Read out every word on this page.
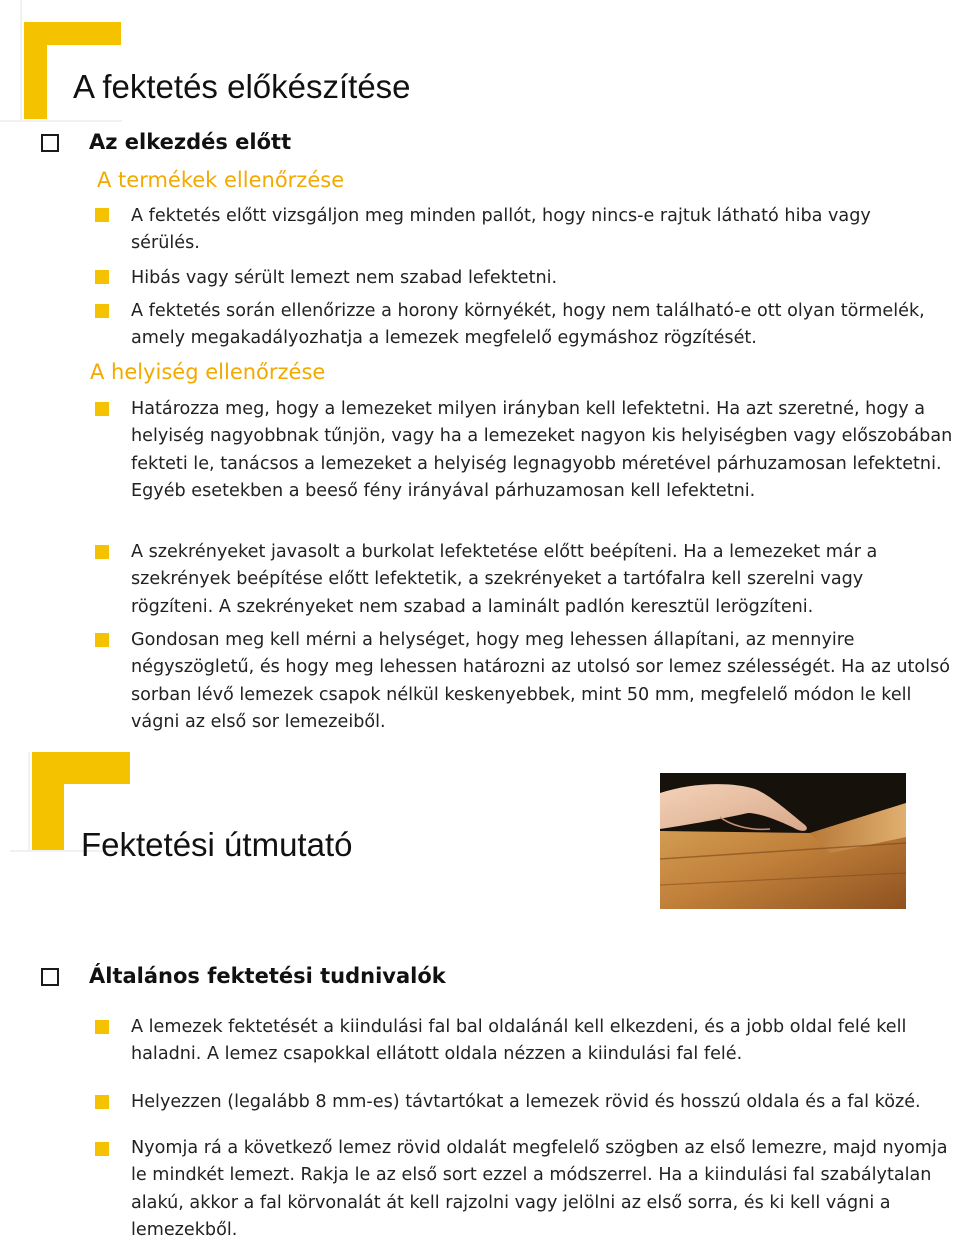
A fektetés előkészítése
Az elkezdés előtt
A termékek ellenőrzése
A fektetés előtt vizsgáljon meg minden pallót, hogy nincs-e rajtuk látható hiba vagy sérülés.
Hibás vagy sérült lemezt nem szabad lefektetni.
A fektetés során ellenőrizze a horony környékét, hogy nem található-e ott olyan törmelék, amely megakadályozhatja a lemezek megfelelő egymáshoz rögzítését.
A helyiség ellenőrzése
Határozza meg, hogy a lemezeket milyen irányban kell lefektetni. Ha azt szeretné, hogy a helyiség nagyobbnak tűnjön, vagy ha a lemezeket nagyon kis helyiségben vagy előszobában fekteti le, tanácsos a lemezeket a helyiség legnagyobb méretével párhuzamosan lefektetni. Egyéb esetekben a beeső fény irányával párhuzamosan kell lefektetni.
A szekrényeket javasolt a burkolat lefektetése előtt beépíteni. Ha a lemezeket már a szekrények beépítése előtt lefektetik, a szekrényeket a tartófalra kell szerelni vagy rögzíteni. A szekrényeket nem szabad a laminált padlón keresztül lerögzíteni.
Gondosan meg kell mérni a helységet, hogy meg lehessen állapítani, az mennyire négyszögletű, és hogy meg lehessen határozni az utolsó sor lemez szélességét. Ha az utolsó sorban lévő lemezek csapok nélkül keskenyebbek, mint 50 mm, megfelelő módon le kell vágni az első sor lemezeiből.
Fektetési útmutató
Általános fektetési tudnivalók
A lemezek fektetését a kiindulási fal bal oldalánál kell elkezdeni, és a jobb oldal felé kell haladni. A lemez csapokkal ellátott oldala nézzen a kiindulási fal felé.
Helyezzen (legalább 8 mm-es) távtartókat a lemezek rövid és hosszú oldala és a fal közé.
Nyomja rá a következő lemez rövid oldalát megfelelő szögben az első lemezre, majd nyomja le mindkét lemezt. Rakja le az első sort ezzel a módszerrel. Ha a kiindulási fal szabálytalan alakú, akkor a fal körvonalát át kell rajzolni vagy jelölni az első sorra, és ki kell vágni a lemezekből.
